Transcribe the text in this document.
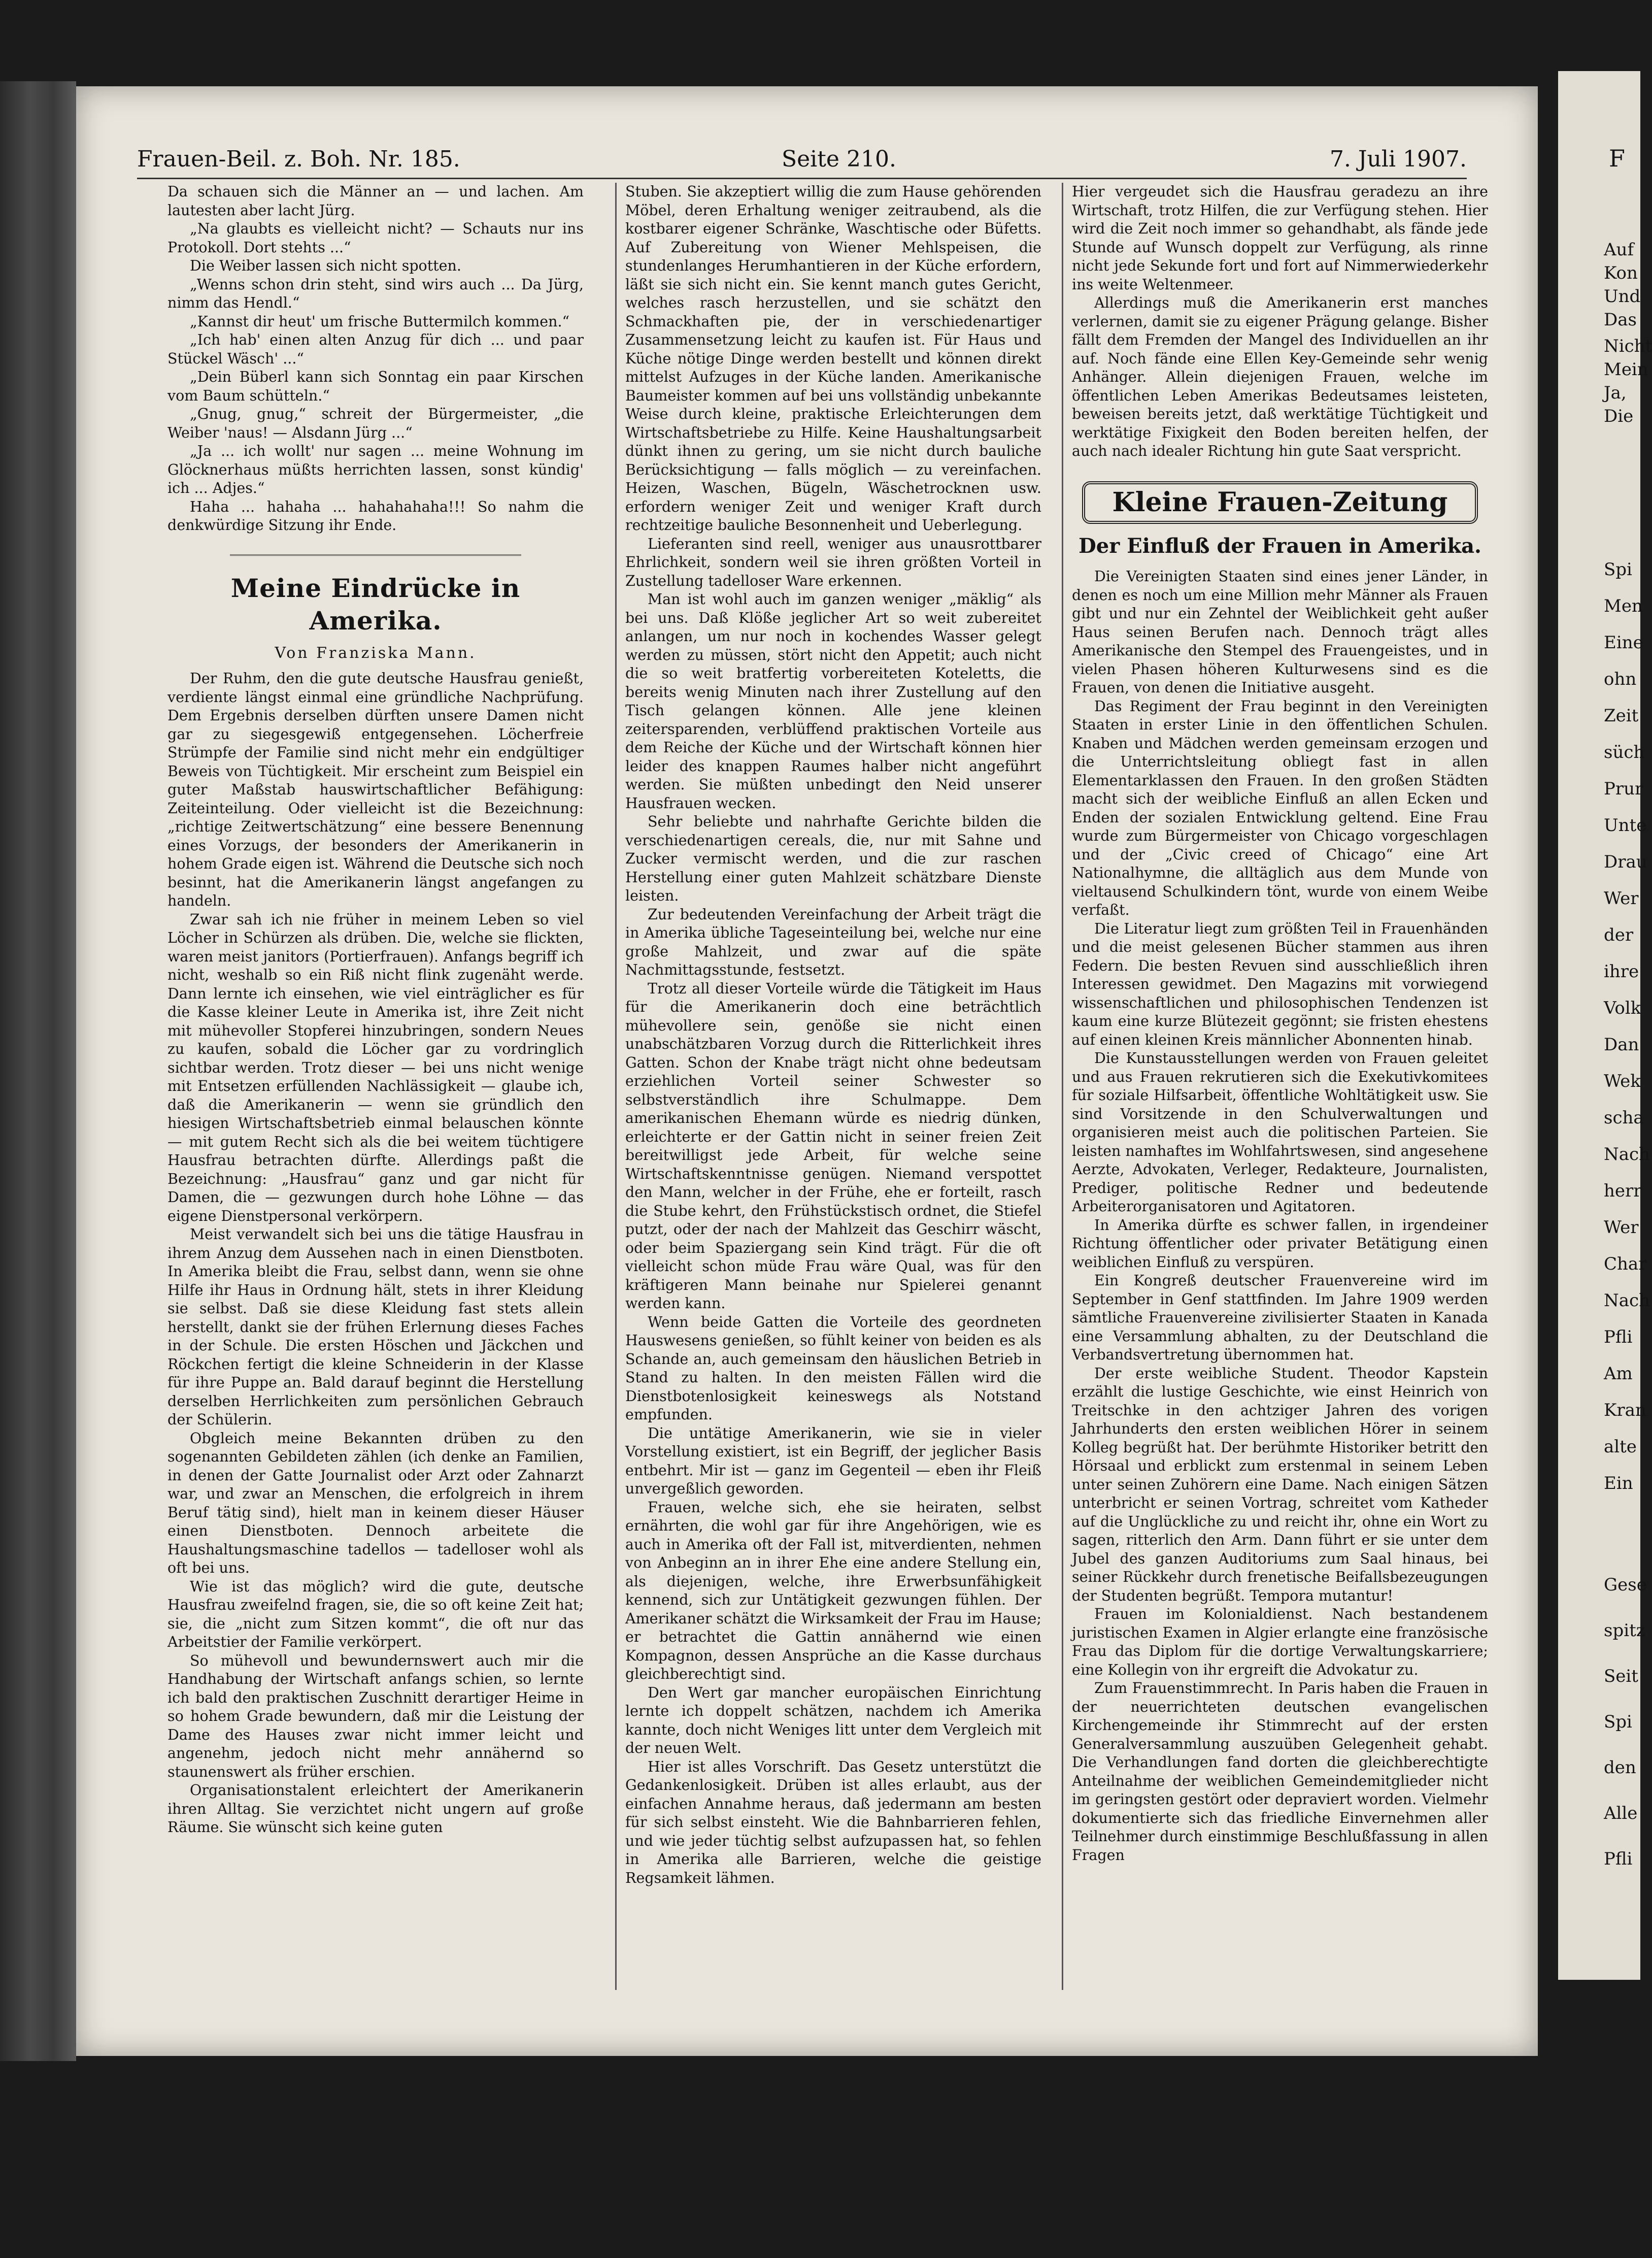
F
Auf
Kon
Und
Das
Nicht
Mein
Ja,
Die
Spi
Men
Eine
ohn
Zeit
süch
Prur
Unte
Drau
Wer
der
ihre
Volk
Dan
Wek
scha
Nach
herr
Wer
Char
Nach
Pfli
Am
Kran
alte
Ein
Gese
spitz
Seit
Spi
den
Alle
Pfli
Frauen-Beil. z. Boh. Nr. 185.	Seite 210.	7. Juli 1907.

Da schauen sich die Männer an — und lachen. Am lautesten aber lacht Jürg.

„Na glaubts es vielleicht nicht? — Schauts nur ins Protokoll. Dort stehts ...“

Die Weiber lassen sich nicht spotten.

„Wenns schon drin steht, sind wirs auch ... Da Jürg, nimm das Hendl.“

„Kannst dir heut' um frische Buttermilch kommen.“

„Ich hab' einen alten Anzug für dich ... und paar Stückel Wäsch' ...“

„Dein Büberl kann sich Sonntag ein paar Kirschen vom Baum schütteln.“

„Gnug, gnug,“ schreit der Bürgermeister, „die Weiber 'naus! — Alsdann Jürg ...“

„Ja ... ich wollt' nur sagen ... meine Wohnung im Glöcknerhaus müßts herrichten lassen, sonst kündig' ich ... Adjes.“

Haha ... hahaha ... hahahahaha!!! So nahm die denkwürdige Sitzung ihr Ende.

Meine Eindrücke in Amerika.
Von Franziska Mann.

Der Ruhm, den die gute deutsche Hausfrau genießt, verdiente längst einmal eine gründliche Nachprüfung. Dem Ergebnis derselben dürften unsere Damen nicht gar zu siegesgewiß entgegensehen. Löcherfreie Strümpfe der Familie sind nicht mehr ein endgültiger Beweis von Tüchtigkeit. Mir erscheint zum Beispiel ein guter Maßstab hauswirtschaftlicher Befähigung: Zeiteinteilung. Oder vielleicht ist die Bezeichnung: „richtige Zeitwertschätzung“ eine bessere Benennung eines Vorzugs, der besonders der Amerikanerin in hohem Grade eigen ist. Während die Deutsche sich noch besinnt, hat die Amerikanerin längst angefangen zu handeln.

Zwar sah ich nie früher in meinem Leben so viel Löcher in Schürzen als drüben. Die, welche sie flickten, waren meist janitors (Portierfrauen). Anfangs begriff ich nicht, weshalb so ein Riß nicht flink zugenäht werde. Dann lernte ich einsehen, wie viel einträglicher es für die Kasse kleiner Leute in Amerika ist, ihre Zeit nicht mit mühevoller Stopferei hinzubringen, sondern Neues zu kaufen, sobald die Löcher gar zu vordringlich sichtbar werden. Trotz dieser — bei uns nicht wenige mit Entsetzen erfüllenden Nachlässigkeit — glaube ich, daß die Amerikanerin — wenn sie gründlich den hiesigen Wirtschaftsbetrieb einmal belauschen könnte — mit gutem Recht sich als die bei weitem tüchtigere Hausfrau betrachten dürfte. Allerdings paßt die Bezeichnung: „Hausfrau“ ganz und gar nicht für Damen, die — gezwungen durch hohe Löhne — das eigene Dienstpersonal verkörpern.

Meist verwandelt sich bei uns die tätige Hausfrau in ihrem Anzug dem Aussehen nach in einen Dienstboten. In Amerika bleibt die Frau, selbst dann, wenn sie ohne Hilfe ihr Haus in Ordnung hält, stets in ihrer Kleidung sie selbst. Daß sie diese Kleidung fast stets allein herstellt, dankt sie der frühen Erlernung dieses Faches in der Schule. Die ersten Höschen und Jäckchen und Röckchen fertigt die kleine Schneiderin in der Klasse für ihre Puppe an. Bald darauf beginnt die Herstellung derselben Herrlichkeiten zum persönlichen Gebrauch der Schülerin.

Obgleich meine Bekannten drüben zu den sogenannten Gebildeten zählen (ich denke an Familien, in denen der Gatte Journalist oder Arzt oder Zahnarzt war, und zwar an Menschen, die erfolgreich in ihrem Beruf tätig sind), hielt man in keinem dieser Häuser einen Dienstboten. Dennoch arbeitete die Haushaltungsmaschine tadellos — tadelloser wohl als oft bei uns.

Wie ist das möglich? wird die gute, deutsche Hausfrau zweifelnd fragen, sie, die so oft keine Zeit hat; sie, die „nicht zum Sitzen kommt“, die oft nur das Arbeitstier der Familie verkörpert.

So mühevoll und bewundernswert auch mir die Handhabung der Wirtschaft anfangs schien, so lernte ich bald den praktischen Zuschnitt derartiger Heime in so hohem Grade bewundern, daß mir die Leistung der Dame des Hauses zwar nicht immer leicht und angenehm, jedoch nicht mehr annähernd so staunenswert als früher erschien.

Organisationstalent erleichtert der Amerikanerin ihren Alltag. Sie verzichtet nicht ungern auf große Räume. Sie wünscht sich keine guten

Stuben. Sie akzeptiert willig die zum Hause gehörenden Möbel, deren Erhaltung weniger zeitraubend, als die kostbarer eigener Schränke, Waschtische oder Büfetts. Auf Zubereitung von Wiener Mehlspeisen, die stundenlanges Herumhantieren in der Küche erfordern, läßt sie sich nicht ein. Sie kennt manch gutes Gericht, welches rasch herzustellen, und sie schätzt den Schmackhaften pie, der in verschiedenartiger Zusammensetzung leicht zu kaufen ist. Für Haus und Küche nötige Dinge werden bestellt und können direkt mittelst Aufzuges in der Küche landen. Amerikanische Baumeister kommen auf bei uns vollständig unbekannte Weise durch kleine, praktische Erleichterungen dem Wirtschaftsbetriebe zu Hilfe. Keine Haushaltungsarbeit dünkt ihnen zu gering, um sie nicht durch bauliche Berücksichtigung — falls möglich — zu vereinfachen. Heizen, Waschen, Bügeln, Wäschetrocknen usw. erfordern weniger Zeit und weniger Kraft durch rechtzeitige bauliche Besonnenheit und Ueberlegung.

Lieferanten sind reell, weniger aus unausrottbarer Ehrlichkeit, sondern weil sie ihren größten Vorteil in Zustellung tadelloser Ware erkennen.

Man ist wohl auch im ganzen weniger „mäklig“ als bei uns. Daß Klöße jeglicher Art so weit zubereitet anlangen, um nur noch in kochendes Wasser gelegt werden zu müssen, stört nicht den Appetit; auch nicht die so weit bratfertig vorbereiteten Koteletts, die bereits wenig Minuten nach ihrer Zustellung auf den Tisch gelangen können. Alle jene kleinen zeitersparenden, verblüffend praktischen Vorteile aus dem Reiche der Küche und der Wirtschaft können hier leider des knappen Raumes halber nicht angeführt werden. Sie müßten unbedingt den Neid unserer Hausfrauen wecken.

Sehr beliebte und nahrhafte Gerichte bilden die verschiedenartigen cereals, die, nur mit Sahne und Zucker vermischt werden, und die zur raschen Herstellung einer guten Mahlzeit schätzbare Dienste leisten.

Zur bedeutenden Vereinfachung der Arbeit trägt die in Amerika übliche Tageseinteilung bei, welche nur eine große Mahlzeit, und zwar auf die späte Nachmittagsstunde, festsetzt.

Trotz all dieser Vorteile würde die Tätigkeit im Haus für die Amerikanerin doch eine beträchtlich mühevollere sein, genöße sie nicht einen unabschätzbaren Vorzug durch die Ritterlichkeit ihres Gatten. Schon der Knabe trägt nicht ohne bedeutsam erziehlichen Vorteil seiner Schwester so selbstverständlich ihre Schulmappe. Dem amerikanischen Ehemann würde es niedrig dünken, erleichterte er der Gattin nicht in seiner freien Zeit bereitwilligst jede Arbeit, für welche seine Wirtschaftskenntnisse genügen. Niemand verspottet den Mann, welcher in der Frühe, ehe er forteilt, rasch die Stube kehrt, den Frühstückstisch ordnet, die Stiefel putzt, oder der nach der Mahlzeit das Geschirr wäscht, oder beim Spaziergang sein Kind trägt. Für die oft vielleicht schon müde Frau wäre Qual, was für den kräftigeren Mann beinahe nur Spielerei genannt werden kann.

Wenn beide Gatten die Vorteile des geordneten Hauswesens genießen, so fühlt keiner von beiden es als Schande an, auch gemeinsam den häuslichen Betrieb in Stand zu halten. In den meisten Fällen wird die Dienstbotenlosigkeit keineswegs als Notstand empfunden.

Die untätige Amerikanerin, wie sie in vieler Vorstellung existiert, ist ein Begriff, der jeglicher Basis entbehrt. Mir ist — ganz im Gegenteil — eben ihr Fleiß unvergeßlich geworden.

Frauen, welche sich, ehe sie heiraten, selbst ernährten, die wohl gar für ihre Angehörigen, wie es auch in Amerika oft der Fall ist, mitverdienten, nehmen von Anbeginn an in ihrer Ehe eine andere Stellung ein, als diejenigen, welche, ihre Erwerbsunfähigkeit kennend, sich zur Untätigkeit gezwungen fühlen. Der Amerikaner schätzt die Wirksamkeit der Frau im Hause; er betrachtet die Gattin annähernd wie einen Kompagnon, dessen Ansprüche an die Kasse durchaus gleichberechtigt sind.

Den Wert gar mancher europäischen Einrichtung lernte ich doppelt schätzen, nachdem ich Amerika kannte, doch nicht Weniges litt unter dem Vergleich mit der neuen Welt.

Hier ist alles Vorschrift. Das Gesetz unterstützt die Gedankenlosigkeit. Drüben ist alles erlaubt, aus der einfachen Annahme heraus, daß jedermann am besten für sich selbst einsteht. Wie die Bahnbarrieren fehlen, und wie jeder tüchtig selbst aufzupassen hat, so fehlen in Amerika alle Barrieren, welche die geistige Regsamkeit lähmen.

Hier vergeudet sich die Hausfrau geradezu an ihre Wirtschaft, trotz Hilfen, die zur Verfügung stehen. Hier wird die Zeit noch immer so gehandhabt, als fände jede Stunde auf Wunsch doppelt zur Verfügung, als rinne nicht jede Sekunde fort und fort auf Nimmerwiederkehr ins weite Weltenmeer.

Allerdings muß die Amerikanerin erst manches verlernen, damit sie zu eigener Prägung gelange. Bisher fällt dem Fremden der Mangel des Individuellen an ihr auf. Noch fände eine Ellen Key-Gemeinde sehr wenig Anhänger. Allein diejenigen Frauen, welche im öffentlichen Leben Amerikas Bedeutsames leisteten, beweisen bereits jetzt, daß werktätige Tüchtigkeit und werktätige Fixigkeit den Boden bereiten helfen, der auch nach idealer Richtung hin gute Saat verspricht.

Kleine Frauen-Zeitung
Der Einfluß der Frauen in Amerika.

Die Vereinigten Staaten sind eines jener Länder, in denen es noch um eine Million mehr Männer als Frauen gibt und nur ein Zehntel der Weiblichkeit geht außer Haus seinen Berufen nach. Dennoch trägt alles Amerikanische den Stempel des Frauengeistes, und in vielen Phasen höheren Kulturwesens sind es die Frauen, von denen die Initiative ausgeht.

Das Regiment der Frau beginnt in den Vereinigten Staaten in erster Linie in den öffentlichen Schulen. Knaben und Mädchen werden gemeinsam erzogen und die Unterrichtsleitung obliegt fast in allen Elementarklassen den Frauen. In den großen Städten macht sich der weibliche Einfluß an allen Ecken und Enden der sozialen Entwicklung geltend. Eine Frau wurde zum Bürgermeister von Chicago vorgeschlagen und der „Civic creed of Chicago“ eine Art Nationalhymne, die alltäglich aus dem Munde von vieltausend Schulkindern tönt, wurde von einem Weibe verfaßt.

Die Literatur liegt zum größten Teil in Frauenhänden und die meist gelesenen Bücher stammen aus ihren Federn. Die besten Revuen sind ausschließlich ihren Interessen gewidmet. Den Magazins mit vorwiegend wissenschaftlichen und philosophischen Tendenzen ist kaum eine kurze Blütezeit gegönnt; sie fristen ehestens auf einen kleinen Kreis männlicher Abonnenten hinab.

Die Kunstausstellungen werden von Frauen geleitet und aus Frauen rekrutieren sich die Exekutivkomitees für soziale Hilfsarbeit, öffentliche Wohltätigkeit usw. Sie sind Vorsitzende in den Schulverwaltungen und organisieren meist auch die politischen Parteien. Sie leisten namhaftes im Wohlfahrtswesen, sind angesehene Aerzte, Advokaten, Verleger, Redakteure, Journalisten, Prediger, politische Redner und bedeutende Arbeiterorganisatoren und Agitatoren.

In Amerika dürfte es schwer fallen, in irgendeiner Richtung öffentlicher oder privater Betätigung einen weiblichen Einfluß zu verspüren.

Ein Kongreß deutscher Frauenvereine wird im September in Genf stattfinden. Im Jahre 1909 werden sämtliche Frauenvereine zivilisierter Staaten in Kanada eine Versammlung abhalten, zu der Deutschland die Verbandsvertretung übernommen hat.

Der erste weibliche Student. Theodor Kapstein erzählt die lustige Geschichte, wie einst Heinrich von Treitschke in den achtziger Jahren des vorigen Jahrhunderts den ersten weiblichen Hörer in seinem Kolleg begrüßt hat. Der berühmte Historiker betritt den Hörsaal und erblickt zum erstenmal in seinem Leben unter seinen Zuhörern eine Dame. Nach einigen Sätzen unterbricht er seinen Vortrag, schreitet vom Katheder auf die Unglückliche zu und reicht ihr, ohne ein Wort zu sagen, ritterlich den Arm. Dann führt er sie unter dem Jubel des ganzen Auditoriums zum Saal hinaus, bei seiner Rückkehr durch frenetische Beifallsbezeugungen der Studenten begrüßt. Tempora mutantur!

Frauen im Kolonialdienst. Nach bestandenem juristischen Examen in Algier erlangte eine französische Frau das Diplom für die dortige Verwaltungskarriere; eine Kollegin von ihr ergreift die Advokatur zu.

Zum Frauenstimmrecht. In Paris haben die Frauen in der neuerrichteten deutschen evangelischen Kirchengemeinde ihr Stimmrecht auf der ersten Generalversammlung auszuüben Gelegenheit gehabt. Die Verhandlungen fand dorten die gleichberechtigte Anteilnahme der weiblichen Gemeindemitglieder nicht im geringsten gestört oder depraviert worden. Vielmehr dokumentierte sich das friedliche Einvernehmen aller Teilnehmer durch einstimmige Beschlußfassung in allen Fragen
